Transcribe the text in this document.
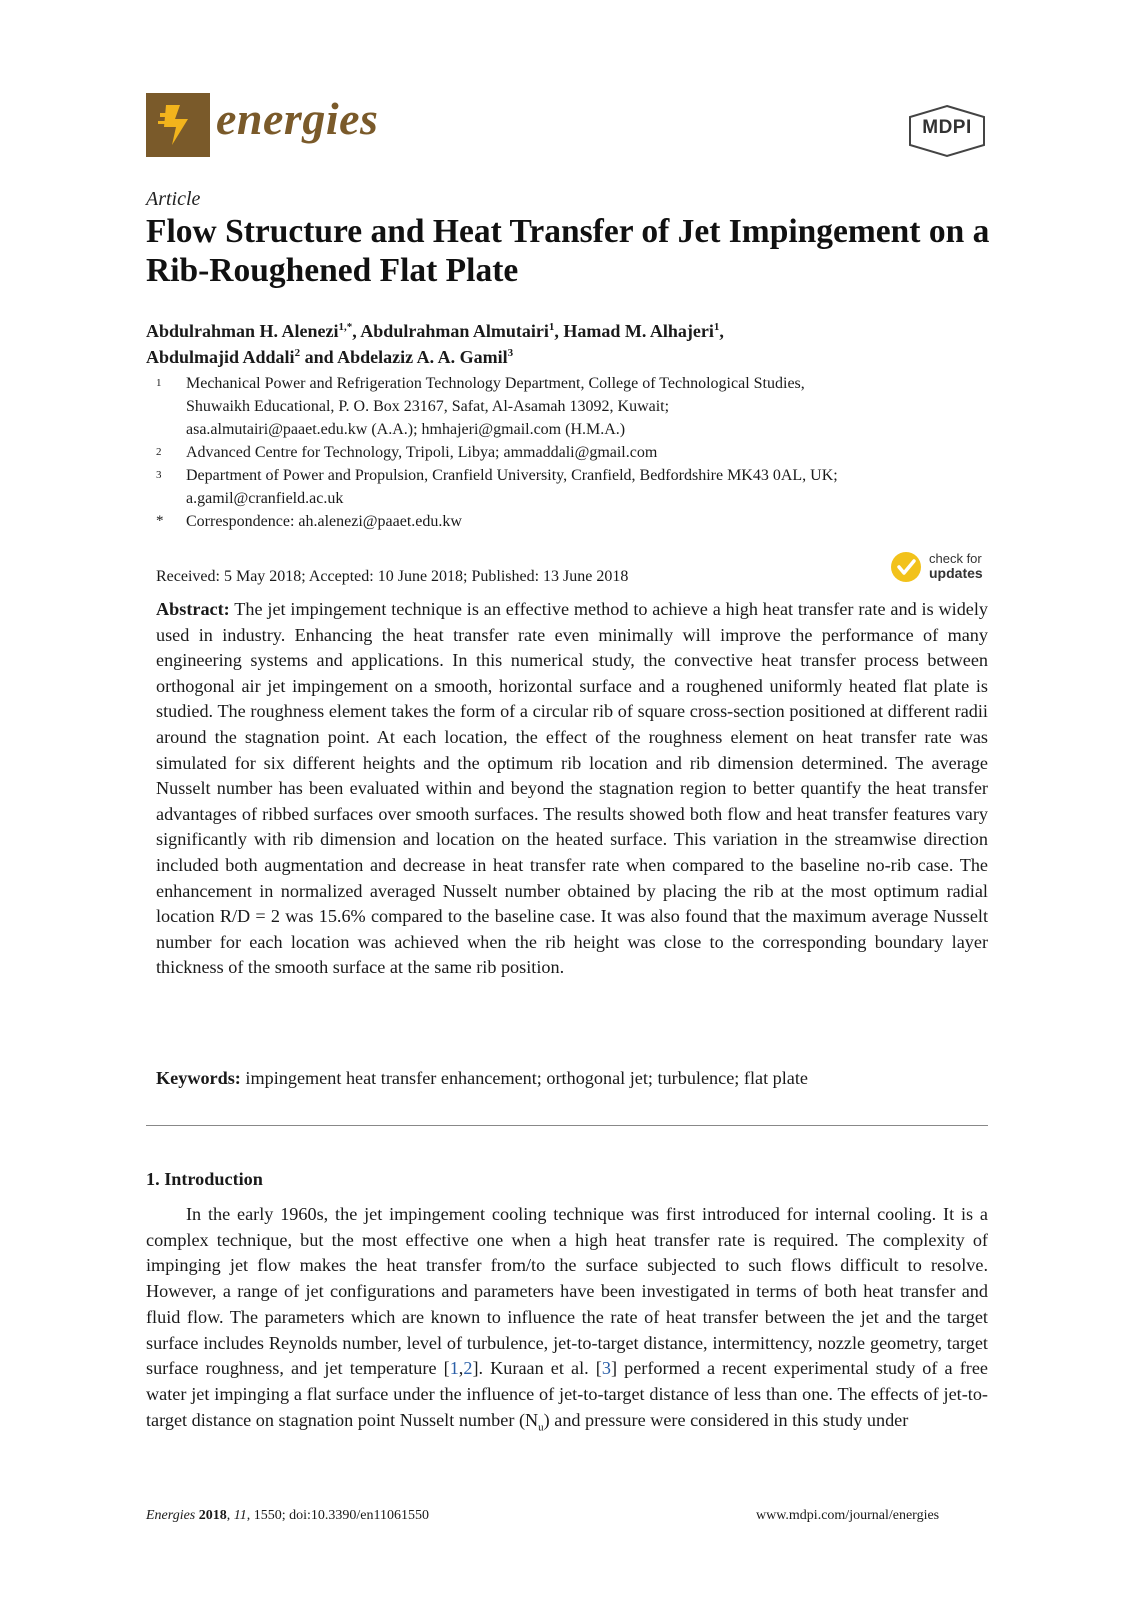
energies	MDPI
Article
Flow Structure and Heat Transfer of Jet Impingement on a Rib-Roughened Flat Plate
Abdulrahman H. Alenezi$^{1,*}$, Abdulrahman Almutairi$^1$, Hamad M. Alhajeri$^1$,
Abdulmajid Addali$^2$ and Abdelaziz A. A. Gamil$^3$
1 Mechanical Power and Refrigeration Technology Department, College of Technological Studies,
Shuwaikh Educational, P. O. Box 23167, Safat, Al-Asamah 13092, Kuwait;
asa.almutairi@paaet.edu.kw (A.A.); hmhajeri@gmail.com (H.M.A.)
2 Advanced Centre for Technology, Tripoli, Libya; ammaddali@gmail.com
3 Department of Power and Propulsion, Cranfield University, Cranfield, Bedfordshire MK43 0AL, UK;
a.gamil@cranfield.ac.uk
* Correspondence: ah.alenezi@paaet.edu.kw
Received: 5 May 2018; Accepted: 10 June 2018; Published: 13 June 2018
check for
updates
Abstract: The jet impingement technique is an effective method to achieve a high heat transfer rate and is widely used in industry. Enhancing the heat transfer rate even minimally will improve the performance of many engineering systems and applications. In this numerical study, the convective heat transfer process between orthogonal air jet impingement on a smooth, horizontal surface and a roughened uniformly heated flat plate is studied. The roughness element takes the form of a circular rib of square cross-section positioned at different radii around the stagnation point. At each location, the effect of the roughness element on heat transfer rate was simulated for six different heights and the optimum rib location and rib dimension determined. The average Nusselt number has been evaluated within and beyond the stagnation region to better quantify the heat transfer advantages of ribbed surfaces over smooth surfaces. The results showed both flow and heat transfer features vary significantly with rib dimension and location on the heated surface. This variation in the streamwise direction included both augmentation and decrease in heat transfer rate when compared to the baseline no-rib case. The enhancement in normalized averaged Nusselt number obtained by placing the rib at the most optimum radial location R/D = 2 was 15.6% compared to the baseline case. It was also found that the maximum average Nusselt number for each location was achieved when the rib height was close to the corresponding boundary layer thickness of the smooth surface at the same rib position.
Keywords: impingement heat transfer enhancement; orthogonal jet; turbulence; flat plate
1. Introduction
In the early 1960s, the jet impingement cooling technique was first introduced for internal cooling. It is a complex technique, but the most effective one when a high heat transfer rate is required. The complexity of impinging jet flow makes the heat transfer from/to the surface subjected to such flows difficult to resolve. However, a range of jet configurations and parameters have been investigated in terms of both heat transfer and fluid flow. The parameters which are known to influence the rate of heat transfer between the jet and the target surface includes Reynolds number, level of turbulence, jet-to-target distance, intermittency, nozzle geometry, target surface roughness, and jet temperature [1,2]. Kuraan et al. [3] performed a recent experimental study of a free water jet impinging a flat surface under the influence of jet-to-target distance of less than one. The effects of jet-to-target distance on stagnation point Nusselt number $(N_u)$ and pressure were considered in this study under
Energies 2018, 11, 1550; doi:10.3390/en11061550	www.mdpi.com/journal/energies
